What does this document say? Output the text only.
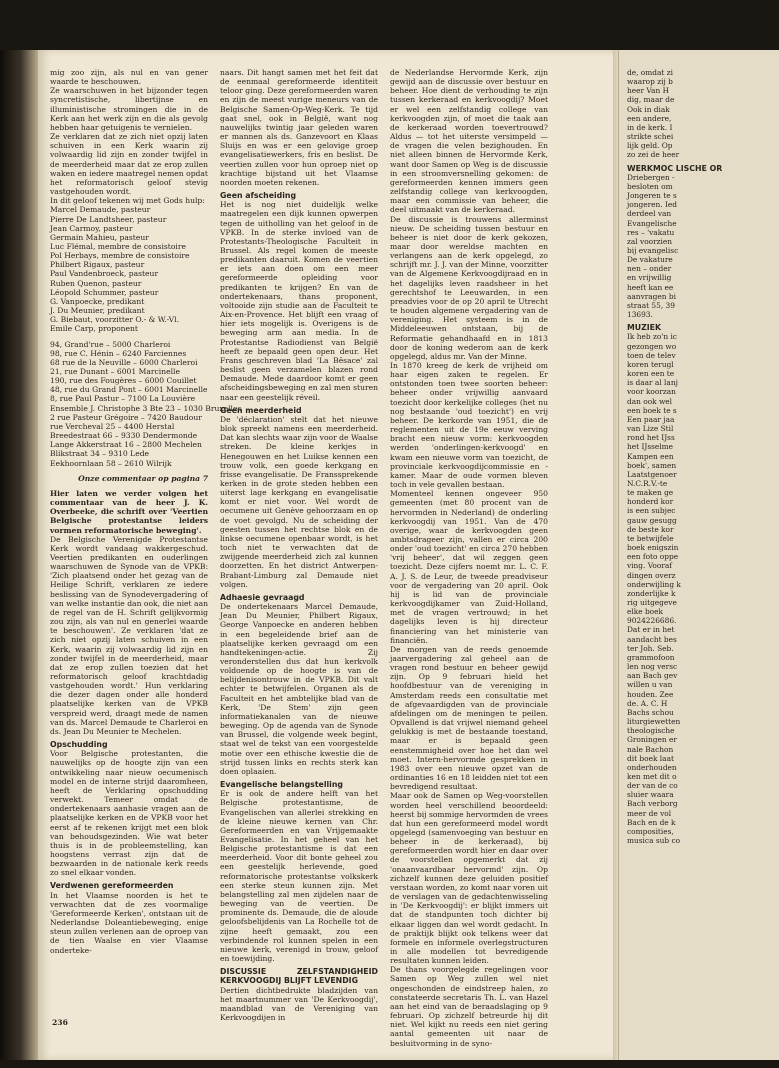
mig zoo zijn, als nul en van gener waarde te beschouwen.

Ze waarschuwen in het bijzonder tegen syncretistische, libertijnse en illuministische stromingen die in de Kerk aan het werk zijn en die als gevolg hebben haar getuigenis te vernielen.

Ze verklaren dat ze zich niet opzij laten schuiven in een Kerk waarin zij volwaardig lid zijn en zonder twijfel in de meerderheid maar dat ze erop zullen waken en iedere maatregel nemen opdat het reformatorisch geloof stevig vastgehouden wordt.

In dit geloof tekenen wij met Gods hulp:

Marcel Demaude, pasteur
Pierre De Landtsheer, pasteur
Jean Carmoy, pasteur
Germain Mahieu, pasteur
Luc Flémal, membre de consistoire
Pol Herbays, membre de consistoire
Philbert Rigaux, pasteur
Paul Vandenbroeck, pasteur
Ruben Quenon, pasteur
Léopold Schummer, pasteur
G. Vanpoecke, predikant
J. Du Meunier, predikant
G. Biebaut, voorzitter O.- & W.-Vl.
Emile Carp, proponent
94, Grand'rue – 5000 Charleroi
98, rue C. Hénin – 6240 Farciennes
68 rue de la Neuville – 6000 Charleroi
21, rue Dunant – 6001 Marcinelle
190, rue des Fougères – 6000 Couillet
48, rue du Grand Pont – 6001 Marcinelle
8, rue Paul Pastur – 7100 La Louvière
Ensemble J. Christophe 3 Bte 23 – 1030 Bruxelles
2 rue Pasteur Grégoire – 7420 Baudour
rue Vercheval 25 – 4400 Herstal
Breedestraat 66 – 9330 Dendermonde
Lange Akkerstraat 16 – 2800 Mechelen
Blikstraat 34 – 9310 Lede
Eekhoornlaan 58 – 2610 Wilrijk

Onze commentaar op pagina 7

Hier laten we verder volgen het commentaar van de heer J. K. Overbeeke, die schrift over 'Veertien Belgische protestantse leiders vormen reformatorische beweging'.

De Belgische Verenigde Protestantse Kerk wordt vandaag wakkergeschud. Veertien predikanten en ouderlingen waarschuwen de Synode van de VPKB: 'Zich plaatsend onder het gezag van de Heilige Schrift, verklaren ze iedere beslissing van de Synodevergadering of van welke instantie dan ook, die niet aan de regel van de H. Schrift gelijkvormig zou zijn, als van nul en generlei waarde te beschouwen'. Ze verklaren 'dat ze zich niet opzij laten schuiven in een Kerk, waarin zij volwaardig lid zijn en zonder twijfel in de meerderheid, maar dat ze erop zullen toezien dat het reformatorisch geloof krachtdadig vastgehouden wordt.' Hun verklaring die dezer dagen onder alle honderd plaatselijke kerken van de VPKB verspreid werd, draagt mede de namen van ds. Marcel Demaude te Charleroi en ds. Jean Du Meunier te Mechelen.

Opschudding

Voor Belgische protestanten, die nauwelijks op de hoogte zijn van een ontwikkeling naar nieuw oecumenisch model en de interne strijd daaromheen, heeft de Verklaring opschudding verwekt. Temeer omdat de ondertekenaars aanhasie vragen aan de plaatselijke kerken en de VPKB voor het eerst af te rekenen krijgt met een blok van behoudsgezinden. Wie wat beter thuis is in de probleemstelling, kan hoogstens verrast zijn dat de bezwaarden in de nationale kerk reeds zo snel elkaar vonden.

Verdwenen gereformeerden

In het Vlaamse noorden is het te verwachten dat de zes voormalige 'Gereformeerde Kerken', ontstaan uit de Nederlandse Doleantiebeweging, enige steun zullen verlenen aan de oproep van de tien Waalse en vier Vlaamse onderteke-

naars. Dit hangt samen met het feit dat de eenmaal gereformeerde identiteit teloor ging. Deze gereformeerden waren en zijn de meest vurige meneurs van de Belgische Samen-Op-Weg-Kerk. Te tijd gaat snel, ook in België, want nog nauwelijks twintig jaar geleden waren er mannen als ds. Ganzevoort en Klaas Sluijs en was er een gelovige groep evangelisatiewerkers, fris en beslist. De veertien zullen voor hun oproep niet op krachtige bijstand uit het Vlaamse noorden moeten rekenen.

Geen afscheiding

Het is nog niet duidelijk welke maatregelen een dijk kunnen opwerpen tegen de uitholling van het geloof in de VPKB. In de sterke invloed van de Protestants-Theologische Faculteit in Brussel. Als regel komen de meeste predikanten daaruit. Komen de veertien er iets aan doen om een meer gereformeerde opleiding voor predikanten te krijgen? En van de ondertekenaars, thans proponent, voltooide zijn studie aan de Faculteit te Aix-en-Provence. Het blijft een vraag of hier iets mogelijk is. Overigens is de beweging arm aan media. In de Protestantse Radiodienst van België heeft ze bepaald geen open deur. Het Frans geschreven blad 'La Bêsace' zal beslist geen verzamelen blazen rond Demaude. Mede daardoor komt er geen afscheidingsbeweging en zal men sturen naar een geestelijk réveil.

Geen meerderheid

De 'déclaration' stelt dat het nieuwe blok spreekt namens een meerderheid. Dat kan slechts waar zijn voor de Waalse streken. De kleine kerkjes in Henegouwen en het Luikse kennen een trouw volk, een goede kerkgang en frisse evangelisatie. De Franssprekende kerken in de grote steden hebben een uiterst lage kerkgang en evangelisatie komt er niet voor. Wel wordt de oecumene uit Genève gehoorzaam en op de voet gevolgd. Nu de scheiding der geesten tussen het rechtse blok en de linkse oecumene openbaar wordt, is het toch niet te verwachten dat de zwijgende meerderheid zich zal kunnen doorzetten. En het district Antwerpen-Brabant-Limburg zal Demaude niet volgen.

Adhaesie gevraagd

De ondertekenaars Marcel Demaude, Jean Du Meunier, Philbert Rigaux, George Vanpoecke en anderen hebben in een begeleidende brief aan de plaatselijke kerken gevraagd om een handtekeningen-actie. Zij veronderstellen dus dat hun kerkvolk voldoende op de hoogte is van de belijdenisontrouw in de VPKB. Dit valt echter te betwijfelen. Organen als de Faculteit en het ambtelijke blad van de Kerk, 'De Stem' zijn geen informatiekanalen van de nieuwe beweging. Op de agenda van de Synode van Brussel, die volgende week begint, staat wel de tekst van een voorgestelde motie over een ethische kwestie die de strijd tussen links en rechts sterk kan doen oplaaien.

Evangelische belangstelling

Er is ook de andere helft van het Belgische protestantisme, de Evangelischen van allerlei strekking en de kleine nieuwe kernen van Chr. Gereformeerden en van Vrijgemaakte Evangelisatie. In het geheel van het Belgische protestantisme is dat een meerderheid. Voor dit bonte geheel zou een geestelijk herlevende, goed reformatorische protestantse volkskerk een sterke steun kunnen zijn. Met belangstelling zal men zijdelen naar de beweging van de veertien. De prominente ds. Demaude, die de aloude geloofsbelijdenis van La Rochelle tot de zijne heeft gemaakt, zou een verbindende rol kunnen spelen in een nieuwe kerk, verenigd in trouw, geloof en toewijding.

DISCUSSIE ZELFSTANDIGHEID KERKVOOGDIJ BLIJFT LEVENDIG

Dertien dichtbedrukte bladzijden van het maartnummer van 'De Kerkvoogdij', maandblad van de Vereniging van Kerkvoogdijen in

de Nederlandse Hervormde Kerk, zijn gewijd aan de discussie over bestuur en beheer. Hoe dient de verhouding te zijn tussen kerkeraad en kerkvoogdij? Moet er wel een zelfstandig college van kerkvoogden zijn, of moet die taak aan de kerkeraad worden toevertrouwd? Aldus — tot het uiterste versimpeld — de vragen die velen bezighouden. En niet alleen binnen de Hervormde Kerk, want door Samen op Weg is de discussie in een stroomversnelling gekomen: de gereformeerden kennen immers geen zelfstandig college van kerkvoogden, maar een commissie van beheer, die deel uitmaakt van de kerkeraad.

De discussie is trouwens allerminst nieuw. De scheiding tussen bestuur en beheer is niet door de kerk gekozen, maar door wereldse machten en verlangens aan de kerk opgelegd, zo schrijft mr. J. J. van der Minne, voorzitter van de Algemene Kerkvoogdijraad en in het dagelijks leven raadsheer in het gerechtshof te Leeuwarden, in een preadvies voor de op 20 april te Utrecht te houden algemene vergadering van de vereniging. Het systeem is in de Middeleeuwen ontstaan, bij de Reformatie gehandhaafd en in 1813 door de koning wederom aan de kerk opgelegd, aldus mr. Van der Minne.

In 1870 kreeg de kerk de vrijheid om haar eigen zaken te regelen. Er ontstonden toen twee soorten beheer: beheer onder vrijwillig aanvaard toezicht door kerkelijke colleges (het nu nog bestaande 'oud toezicht') en vrij beheer. De kerkorde van 1951, die de reglementen uit de 19e eeuw verving bracht een nieuw vorm: kerkvoogden werden 'onderlingen-kerkvoogd' en kwam een nieuwe vorm van toezicht, de provinciale kerkvoogdijcommissie en -kamer. Maar de oude vormen bleven toch in vele gevallen bestaan.

Momenteel kennen ongeveer 950 gemeenten (met 80 procent van de hervormden in Nederland) de onderling kerkvoogdij van 1951. Van de 470 overige, waar de kerkvoogden geen ambtsdrageer zijn, vallen er circa 200 onder 'oud toezicht' en circa 270 hebben 'vrij beheer', dat wil zeggen geen toezicht. Deze cijfers noemt mr. L. C. F. A. J. S. de Leur, de tweede preadviseur voor de vergadering van 20 april. Ook hij is lid van de provinciale kerkvoogdijkamer van Zuid-Holland, met de vragen vertrouwd; in het dagelijks leven is hij directeur financiering van het ministerie van financiën.

De morgen van de reeds genoemde jaarvergadering zal geheel aan de vragen rond bestuur en beheer gewijd zijn. Op 9 februari hield het hoofdbestuur van de vereniging in Amsterdam reeds een consultatie met de afgevaardigden van de provinciale afdelingen om de meningen te peilen. Opvallend is dat vrijwel niemand geheel gelukkig is met de bestaande toestand, maar er is bepaald geen eenstemmigheid over hoe het dan wel moet. Intern-hervormde gesprekken in 1983 over een nieuwe opzet van de ordinanties 16 en 18 leidden niet tot een bevredigend resultaat.

Maar ook de Samen op Weg-voorstellen worden heel verschillend beoordeeld: heerst bij sommige hervormden de vrees dat hun een gereformeerd model wordt opgelegd (samenvoeging van bestuur en beheer in de kerkeraad), bij gereformeerden wordt hier en daar over de voorstellen opgemerkt dat zij 'onaanvaardbaar hervormd' zijn. Op zichzelf kunnen deze geluiden positief verstaan worden, zo komt naar voren uit de verslagen van de gedachtenwisseling in 'De Kerkvoogdij': er blijkt immers uit dat de standpunten toch dichter bij elkaar liggen dan wel wordt gedacht. In de praktijk blijkt ook telkens weer dat formele en informele overlegstructuren in alle modellen tot bevredigende resultaten kunnen leiden.

De thans voorgelegde regelingen voor Samen op Weg zullen wel niet ongeschonden de eindstreep halen, zo constateerde secretaris Th. L. van Hazel aan het eind van de beraadslaging op 9 februari. Op zichzelf betreurde hij dit niet. Wel kijkt nu reeds een niet gering aantal gemeenten uit naar de besluitvorming in de syno-

236
de, omdat zi
waarop zij b
heer Van H
dig, maar de
Ook in diak
een andere,
in de kerk. I
strikte schei
lijk geld. Op
zo zei de heer
WERKMOC LISCHE OR
Driebergen -
besloten om
Jongeren te s
jongeren. Ied
derdeel van
Evangelische
res – 'vakatu
zal voorzien
bij evangelisc
De vakature
nen – onder
en vrijwillig
heeft kan ee
aanvragen bi
straat 55, 39
13693.
MUZIEK
Ik heb zo'n ic
gezongen wo
toen de telev
koren terugl
koren een te
is daar al lanj
voor koorzan
dan ook wel
een boek te s
Een paar jaa
van Lize Stil
rond het IJss
het IJsselme
Kampen een
boek', samen
Laatstgenoer
N.C.R.V.-te
te maken ge
honderd kor
is een subjec
gauw gesugg
de beste kor
te betwijfele
boek enigszin
een foto oppe
ving. Vooraf
dingen overz
onderwijling k
zonderlijke k
rig uitgegeve
elke boek
9024226686.
Dat er in het
aandacht bes
ter Joh. Seb.
grammofoon
len nog versc
aan Bach gev
willen u van
houden. Zee
de. A. C. H
Bachs schou
liturgiewetten
theologische
Groningen er
nale Bachon
dit boek laat
onderhouden
ken met dit o
der van de co
sluier waara
Bach verborg
meer de vol
Bach en de k
composities,
musica sub co
